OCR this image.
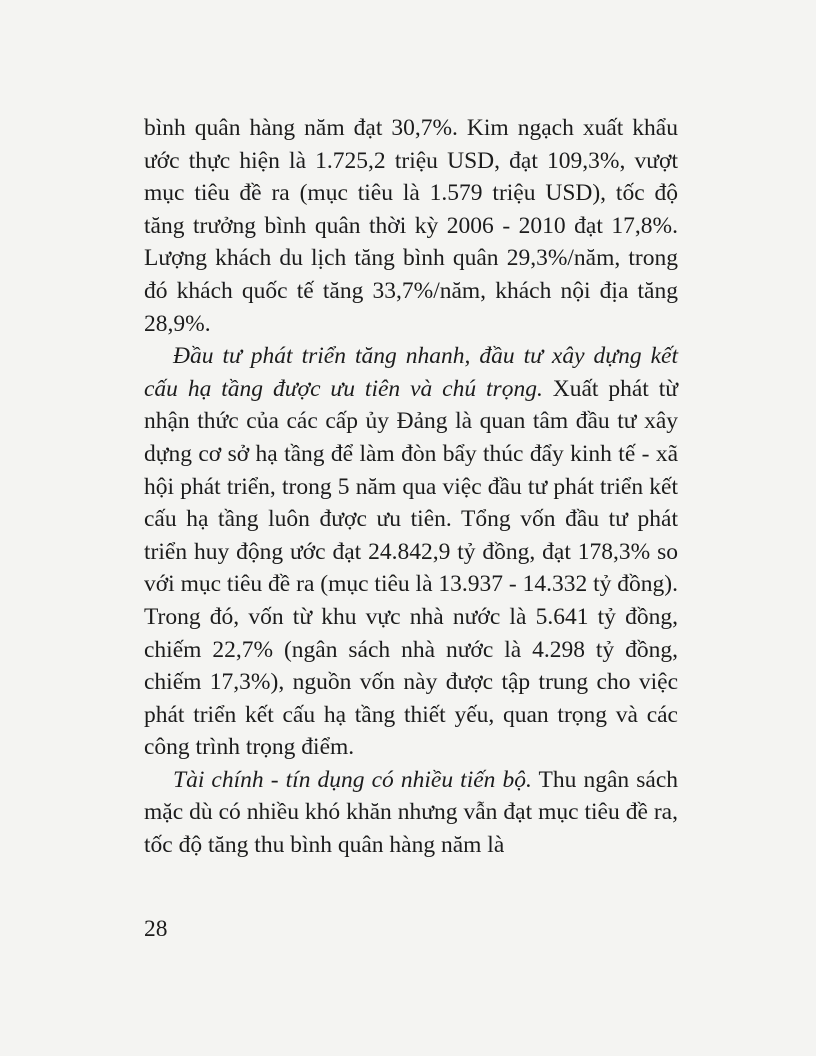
bình quân hàng năm đạt 30,7%. Kim ngạch xuất khẩu ước thực hiện là 1.725,2 triệu USD, đạt 109,3%, vượt mục tiêu đề ra (mục tiêu là 1.579 triệu USD), tốc độ tăng trưởng bình quân thời kỳ 2006 - 2010 đạt 17,8%. Lượng khách du lịch tăng bình quân 29,3%/năm, trong đó khách quốc tế tăng 33,7%/năm, khách nội địa tăng 28,9%.

Đầu tư phát triển tăng nhanh, đầu tư xây dựng kết cấu hạ tầng được ưu tiên và chú trọng. Xuất phát từ nhận thức của các cấp ủy Đảng là quan tâm đầu tư xây dựng cơ sở hạ tầng để làm đòn bẩy thúc đẩy kinh tế - xã hội phát triển, trong 5 năm qua việc đầu tư phát triển kết cấu hạ tầng luôn được ưu tiên. Tổng vốn đầu tư phát triển huy động ước đạt 24.842,9 tỷ đồng, đạt 178,3% so với mục tiêu đề ra (mục tiêu là 13.937 - 14.332 tỷ đồng). Trong đó, vốn từ khu vực nhà nước là 5.641 tỷ đồng, chiếm 22,7% (ngân sách nhà nước là 4.298 tỷ đồng, chiếm 17,3%), nguồn vốn này được tập trung cho việc phát triển kết cấu hạ tầng thiết yếu, quan trọng và các công trình trọng điểm.

Tài chính - tín dụng có nhiều tiến bộ. Thu ngân sách mặc dù có nhiều khó khăn nhưng vẫn đạt mục tiêu đề ra, tốc độ tăng thu bình quân hàng năm là

28
